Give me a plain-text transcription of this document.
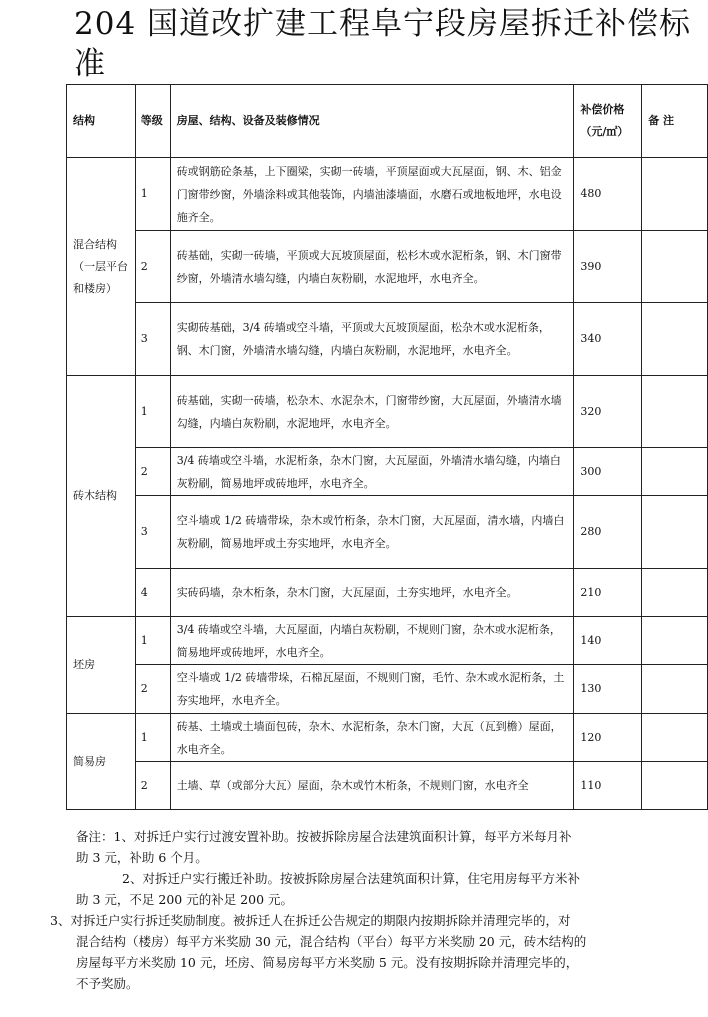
204 国道改扩建工程阜宁段房屋拆迁补偿标准
结构	等级	房屋、结构、设备及装修情况	补偿价格（元/㎡）	备 注
混合结构（一层平台和楼房）	1	砖或钢筋砼条基，上下圈梁，实砌一砖墙，平顶屋面或大瓦屋面，钢、木、铝金门窗带纱窗，外墙涂料或其他装饰，内墙油漆墙面，水磨石或地板地坪，水电设施齐全。	480	
	2	砖基础，实砌一砖墙，平顶或大瓦坡顶屋面，松杉木或水泥桁条，钢、木门窗带纱窗，外墙清水墙勾缝，内墙白灰粉刷，水泥地坪，水电齐全。	390	
	3	实砌砖基础，3/4 砖墙或空斗墙，平顶或大瓦坡顶屋面，松杂木或水泥桁条，钢、木门窗，外墙清水墙勾缝，内墙白灰粉刷，水泥地坪，水电齐全。	340	
砖木结构	1	砖基础，实砌一砖墙，松杂木、水泥杂木，门窗带纱窗，大瓦屋面，外墙清水墙勾缝，内墙白灰粉刷，水泥地坪，水电齐全。	320	
	2	3/4 砖墙或空斗墙，水泥桁条，杂木门窗，大瓦屋面，外墙清水墙勾缝，内墙白灰粉刷，简易地坪或砖地坪，水电齐全。	300	
	3	空斗墙或 1/2 砖墙带垛，杂木或竹桁条，杂木门窗，大瓦屋面，清水墙，内墙白灰粉刷，简易地坪或土夯实地坪，水电齐全。	280	
	4	实砖码墙，杂木桁条，杂木门窗，大瓦屋面，土夯实地坪，水电齐全。	210	
坯房	1	3/4 砖墙或空斗墙，大瓦屋面，内墙白灰粉刷，不规则门窗，杂木或水泥桁条，简易地坪或砖地坪，水电齐全。	140	
	2	空斗墙或 1/2 砖墙带垛，石棉瓦屋面，不规则门窗，毛竹、杂木或水泥桁条，土夯实地坪，水电齐全。	130	
简易房	1	砖基、土墙或土墙面包砖，杂木、水泥桁条，杂木门窗，大瓦（瓦到檐）屋面，水电齐全。	120	
	2	土墙、草（或部分大瓦）屋面，杂木或竹木桁条，不规则门窗，水电齐全	110	

备注：1、对拆迁户实行过渡安置补助。按被拆除房屋合法建筑面积计算，每平方米每月补

助 3 元，补助 6 个月。

2、对拆迁户实行搬迁补助。按被拆除房屋合法建筑面积计算，住宅用房每平方米补

助 3 元，不足 200 元的补足 200 元。

3、对拆迁户实行拆迁奖励制度。被拆迁人在拆迁公告规定的期限内按期拆除并清理完毕的，对

混合结构（楼房）每平方米奖励 30 元，混合结构（平台）每平方米奖励 20 元，砖木结构的

房屋每平方米奖励 10 元，坯房、简易房每平方米奖励 5 元。没有按期拆除并清理完毕的，

不予奖励。
